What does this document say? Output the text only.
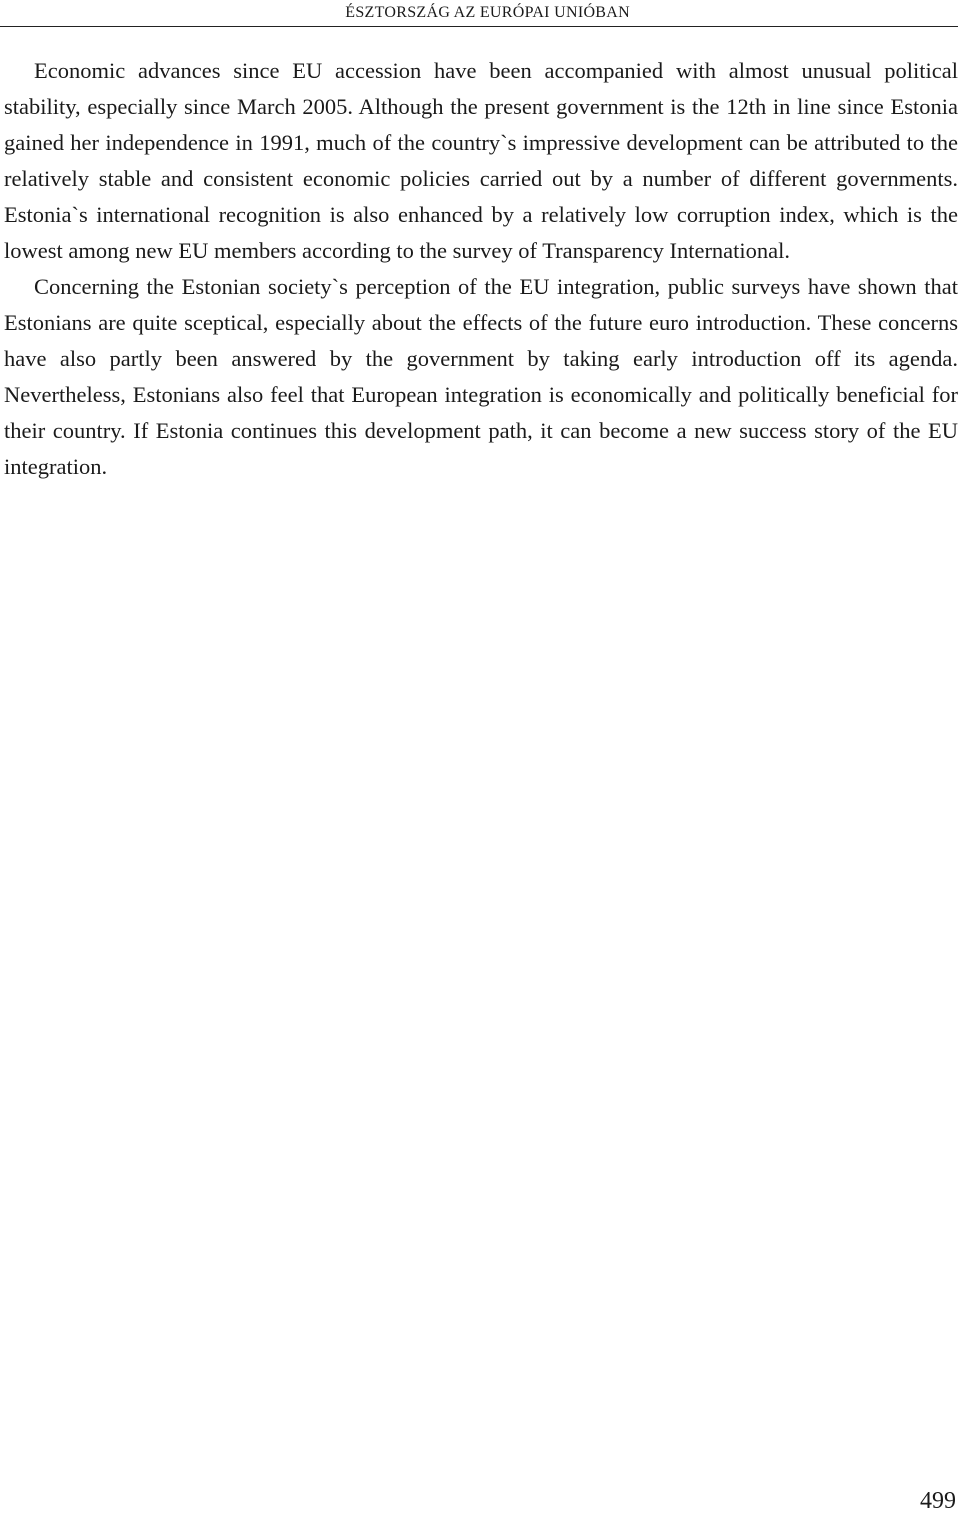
ÉSZTORSZÁG AZ EURÓPAI UNIÓBAN

Economic advances since EU accession have been accompanied with almost unusual political stability, especially since March 2005. Although the present government is the 12th in line since Estonia gained her independence in 1991, much of the country`s impressive development can be attributed to the relatively stable and consistent economic policies carried out by a number of different governments. Estonia`s international recognition is also enhanced by a relatively low corruption index, which is the lowest among new EU members according to the survey of Transparency International.

Concerning the Estonian society`s perception of the EU integration, public surveys have shown that Estonians are quite sceptical, especially about the effects of the future euro introduction. These concerns have also partly been answered by the government by taking early introduction off its agenda. Nevertheless, Estonians also feel that European integration is economically and politically beneficial for their country. If Estonia continues this development path, it can become a new success story of the EU integration.

499
